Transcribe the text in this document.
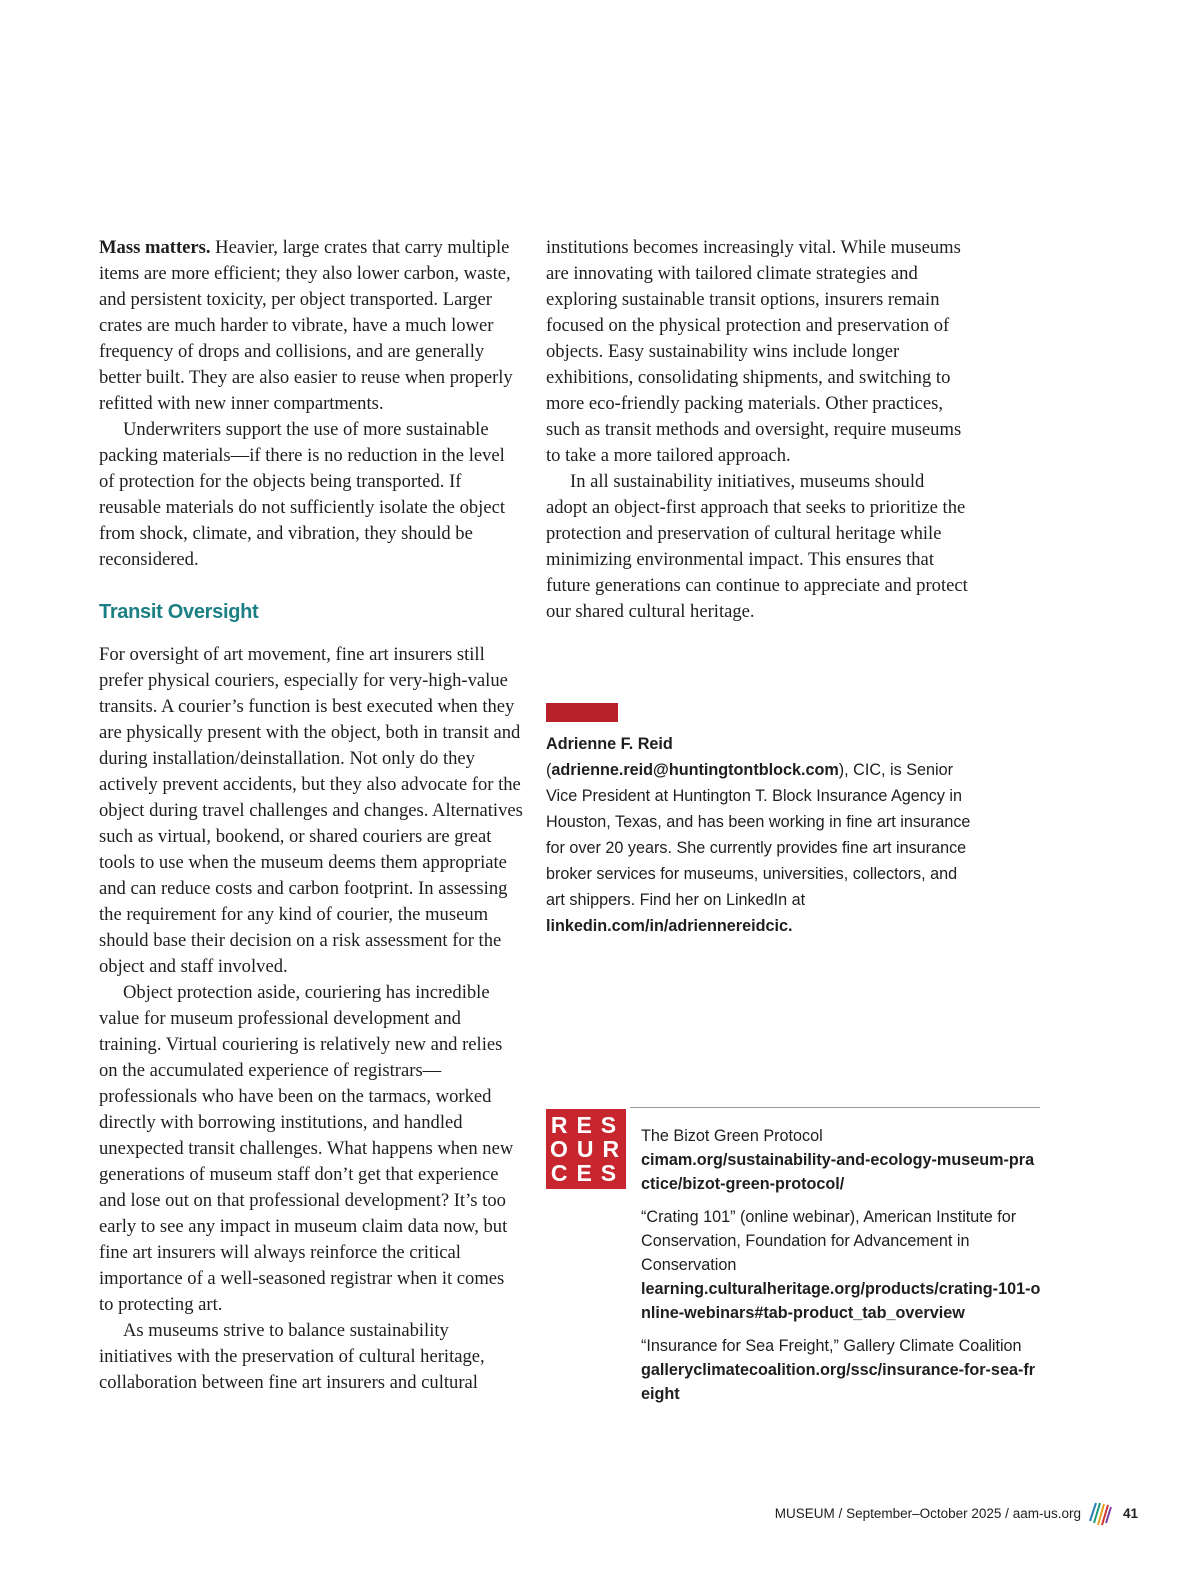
Mass matters. Heavier, large crates that carry multiple items are more efficient; they also lower carbon, waste, and persistent toxicity, per object transported. Larger crates are much harder to vibrate, have a much lower frequency of drops and collisions, and are generally better built. They are also easier to reuse when properly refitted with new inner compartments.

Underwriters support the use of more sustainable packing materials—if there is no reduction in the level of protection for the objects being transported. If reusable materials do not sufficiently isolate the object from shock, climate, and vibration, they should be reconsidered.

Transit Oversight

For oversight of art movement, fine art insurers still prefer physical couriers, especially for very-high-value transits. A courier’s function is best executed when they are physically present with the object, both in transit and during installation/deinstallation. Not only do they actively prevent accidents, but they also advocate for the object during travel challenges and changes. Alternatives such as virtual, bookend, or shared couriers are great tools to use when the museum deems them appropriate and can reduce costs and carbon footprint. In assessing the requirement for any kind of courier, the museum should base their decision on a risk assessment for the object and staff involved.

Object protection aside, couriering has incredible value for museum professional development and training. Virtual couriering is relatively new and relies on the accumulated experience of registrars—professionals who have been on the tarmacs, worked directly with borrowing institutions, and handled unexpected transit challenges. What happens when new generations of museum staff don’t get that experience and lose out on that professional development? It’s too early to see any impact in museum claim data now, but fine art insurers will always reinforce the critical importance of a well-seasoned registrar when it comes to protecting art.

As museums strive to balance sustainability initiatives with the preservation of cultural heritage, collaboration between fine art insurers and cultural

institutions becomes increasingly vital. While museums are innovating with tailored climate strategies and exploring sustainable transit options, insurers remain focused on the physical protection and preservation of objects. Easy sustainability wins include longer exhibitions, consolidating shipments, and switching to more eco-friendly packing materials. Other practices, such as transit methods and oversight, require museums to take a more tailored approach.

In all sustainability initiatives, museums should adopt an object-first approach that seeks to prioritize the protection and preservation of cultural heritage while minimizing environmental impact. This ensures that future generations can continue to appreciate and protect our shared cultural heritage.

Adrienne F. Reid (adrienne.reid@huntingtontblock.com), CIC, is Senior Vice President at Huntington T. Block Insurance Agency in Houston, Texas, and has been working in fine art insurance for over 20 years. She currently provides fine art insurance broker services for museums, universities, collectors, and art shippers. Find her on LinkedIn at linkedin.com/in/adriennereidcic.
RES
OUR
CES
The Bizot Green Protocol
cimam.org/sustainability-and-ecology-museum-practice/bizot-green-protocol/
“Crating 101” (online webinar), American Institute for Conservation, Foundation for Advancement in Conservation
learning.culturalheritage.org/products/crating-101-online-webinars#tab-product_tab_overview
“Insurance for Sea Freight,” Gallery Climate Coalition
galleryclimatecoalition.org/ssc/insurance-for-sea-freight
MUSEUM / September–October 2025 / aam-us.org	41
